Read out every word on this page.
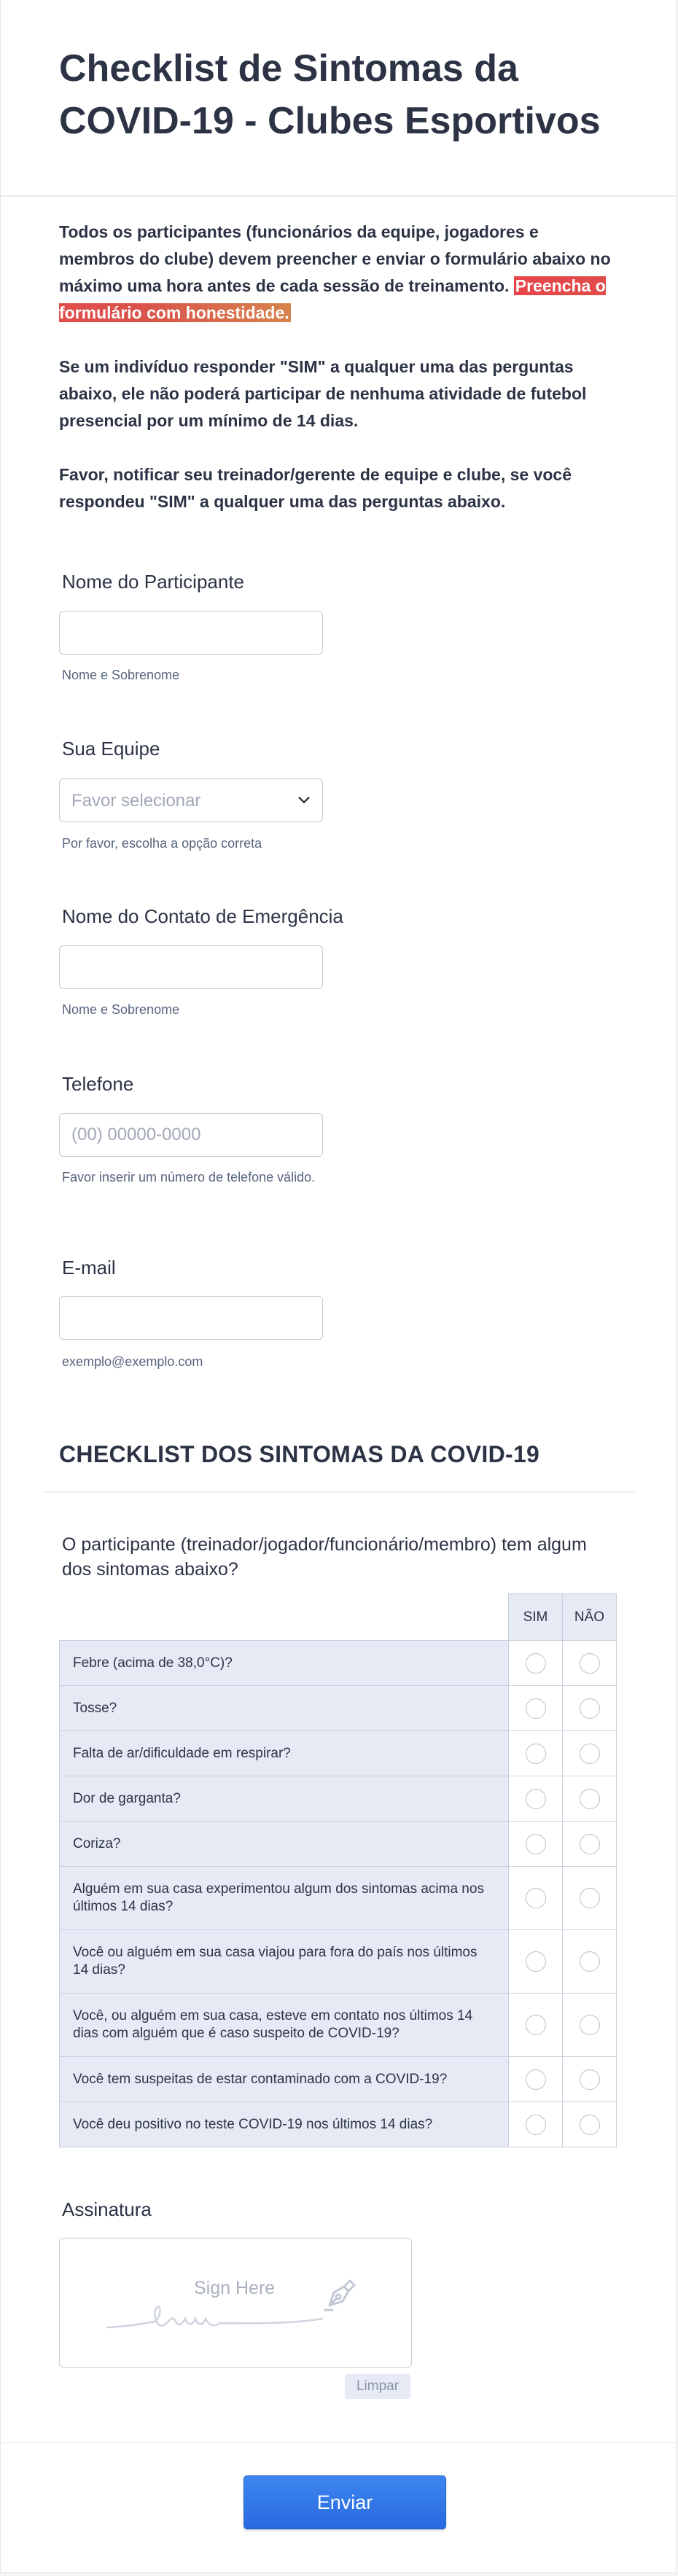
Checklist de Sintomas da COVID-19 - Clubes Esportivos

Todos os participantes (funcionários da equipe, jogadores e membros do clube) devem preencher e enviar o formulário abaixo no máximo uma hora antes de cada sessão de treinamento. Preencha o formulário com honestidade.

Se um indivíduo responder "SIM" a qualquer uma das perguntas abaixo, ele não poderá participar de nenhuma atividade de futebol presencial por um mínimo de 14 dias.

Favor, notificar seu treinador/gerente de equipe e clube, se você respondeu "SIM" a qualquer uma das perguntas abaixo.

Nome do Participante
Nome e Sobrenome
Sua Equipe
Favor selecionar
Por favor, escolha a opção correta
Nome do Contato de Emergência
Nome e Sobrenome
Telefone
(00) 00000-0000
Favor inserir um número de telefone válido.
E-mail
exemplo@exemplo.com
CHECKLIST DOS SINTOMAS DA COVID-19
O participante (treinador/jogador/funcionário/membro) tem algum dos sintomas abaixo?
	SIM	NÃO
Febre (acima de 38,0°C)?		
Tosse?		
Falta de ar/dificuldade em respirar?		
Dor de garganta?		
Coriza?		
Alguém em sua casa experimentou algum dos sintomas acima nos últimos 14 dias?		
Você ou alguém em sua casa viajou para fora do país nos últimos 14 dias?		
Você, ou alguém em sua casa, esteve em contato nos últimos 14 dias com alguém que é caso suspeito de COVID-19?		
Você tem suspeitas de estar contaminado com a COVID-19?		
Você deu positivo no teste COVID-19 nos últimos 14 dias?		
Assinatura
Sign Here
Limpar
Enviar
